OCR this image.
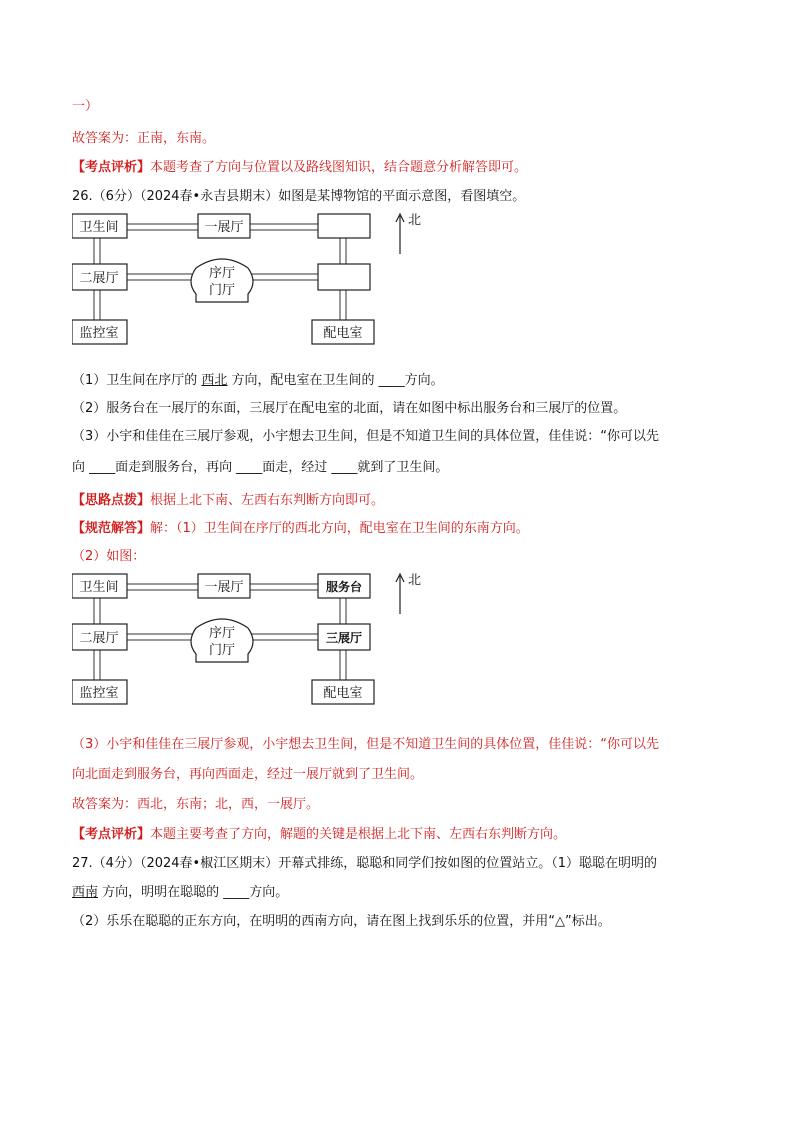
一）
故答案为：正南，东南。
【考点评析】本题考查了方向与位置以及路线图知识，结合题意分析解答即可。
26.（6分）（2024春•永吉县期末）如图是某博物馆的平面示意图，看图填空。
卫生间	一展厅
二展厅	序厅
门厅
监控室	配电室
北
（1）卫生间在序厅的 西北 方向，配电室在卫生间的 ____方向。
（2）服务台在一展厅的东面，三展厅在配电室的北面，请在如图中标出服务台和三展厅的位置。
（3）小宇和佳佳在三展厅参观，小宇想去卫生间，但是不知道卫生间的具体位置，佳佳说：“你可以先
向 ____面走到服务台，再向 ____面走，经过 ____就到了卫生间。
【思路点拨】根据上北下南、左西右东判断方向即可。
【规范解答】解：（1）卫生间在序厅的西北方向，配电室在卫生间的东南方向。
（2）如图：
卫生间	一展厅	服务台
二展厅	序厅
门厅
三展厅
监控室	配电室
北
（3）小宇和佳佳在三展厅参观，小宇想去卫生间，但是不知道卫生间的具体位置，佳佳说：“你可以先
向北面走到服务台，再向西面走，经过一展厅就到了卫生间。
故答案为：西北，东南；北，西，一展厅。
【考点评析】本题主要考查了方向，解题的关键是根据上北下南、左西右东判断方向。
27.（4分）（2024春•椒江区期末）开幕式排练，聪聪和同学们按如图的位置站立。（1）聪聪在明明的
西南 方向，明明在聪聪的 ____方向。
（2）乐乐在聪聪的正东方向，在明明的西南方向，请在图上找到乐乐的位置，并用“△”标出。
